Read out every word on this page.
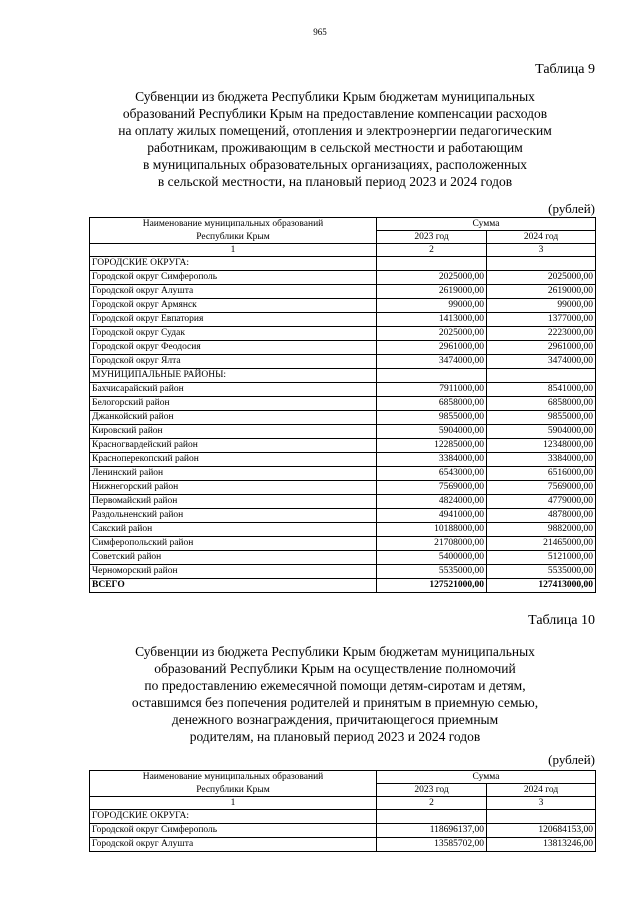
965
Таблица 9
Субвенции из бюджета Республики Крым бюджетам муниципальных
образований Республики Крым на предоставление компенсации расходов
на оплату жилых помещений, отопления и электроэнергии педагогическим
работникам, проживающим в сельской местности и работающим
в муниципальных образовательных организациях, расположенных
в сельской местности, на плановый период 2023 и 2024 годов
(рублей)
Наименование муниципальных образований	Сумма	
Республики Крым	2023 год	2024 год
1	2	3
ГОРОДСКИЕ ОКРУГА:		
Городской округ Симферополь	2025000,00	2025000,00
Городской округ Алушта	2619000,00	2619000,00
Городской округ Армянск	99000,00	99000,00
Городской округ Евпатория	1413000,00	1377000,00
Городской округ Судак	2025000,00	2223000,00
Городской округ Феодосия	2961000,00	2961000,00
Городской округ Ялта	3474000,00	3474000,00
МУНИЦИПАЛЬНЫЕ РАЙОНЫ:		
Бахчисарайский район	7911000,00	8541000,00
Белогорский район	6858000,00	6858000,00
Джанкойский район	9855000,00	9855000,00
Кировский район	5904000,00	5904000,00
Красногвардейский район	12285000,00	12348000,00
Красноперекопский район	3384000,00	3384000,00
Ленинский район	6543000,00	6516000,00
Нижнегорский район	7569000,00	7569000,00
Первомайский район	4824000,00	4779000,00
Раздольненский район	4941000,00	4878000,00
Сакский район	10188000,00	9882000,00
Симферопольский район	21708000,00	21465000,00
Советский район	5400000,00	5121000,00
Черноморский район	5535000,00	5535000,00
ВСЕГО	127521000,00	127413000,00
Таблица 10
Субвенции из бюджета Республики Крым бюджетам муниципальных
образований Республики Крым на осуществление полномочий
по предоставлению ежемесячной помощи детям-сиротам и детям,
оставшимся без попечения родителей и принятым в приемную семью,
денежного вознаграждения, причитающегося приемным
родителям, на плановый период 2023 и 2024 годов
(рублей)
Наименование муниципальных образований	Сумма	
Республики Крым	2023 год	2024 год
1	2	3
ГОРОДСКИЕ ОКРУГА:		
Городской округ Симферополь	118696137,00	120684153,00
Городской округ Алушта	13585702,00	13813246,00
